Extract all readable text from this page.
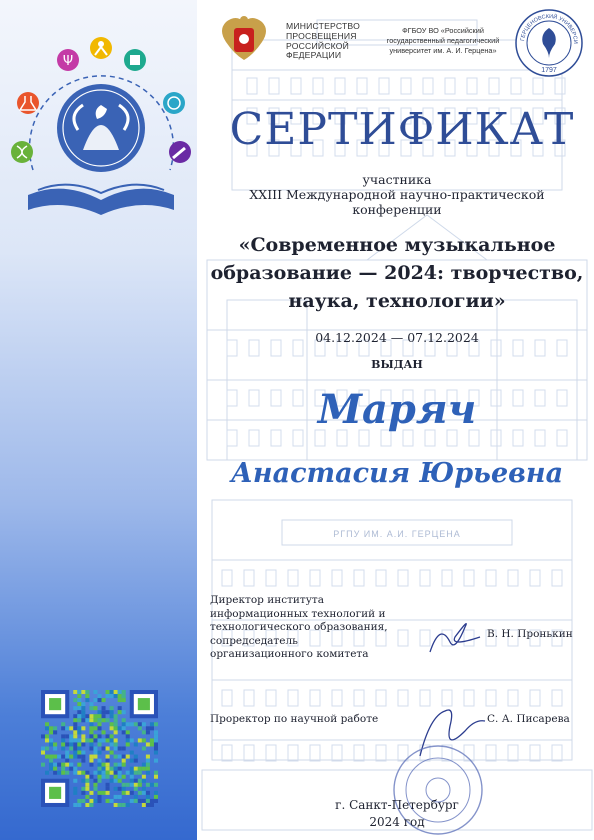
РГПУ ИМ. А.И. ГЕРЦЕНА
Ψ
МИНИСТЕРСТВО
ПРОСВЕЩЕНИЯ
РОССИЙСКОЙ
ФЕДЕРАЦИИ
ФГБОУ ВО «Российский
государственный педагогический
университет им. А. И. Герцена»
ГЕРЦЕНОВСКИЙ УНИВЕРСИ
1797
СЕРТИФИКАТ
участника
XXIII Международной научно-практической
конференции
«Современное музыкальное
образование — 2024: творчество,
наука, технологии»
04.12.2024 — 07.12.2024
ВЫДАН
Маряч
Анастасия Юрьевна
Директор института
информационных технологий и
технологического образования,
сопредседатель
организационного комитета
В. Н. Пронькин
Проректор по научной работе	С. А. Писарева
г. Санкт-Петербург
2024 год
